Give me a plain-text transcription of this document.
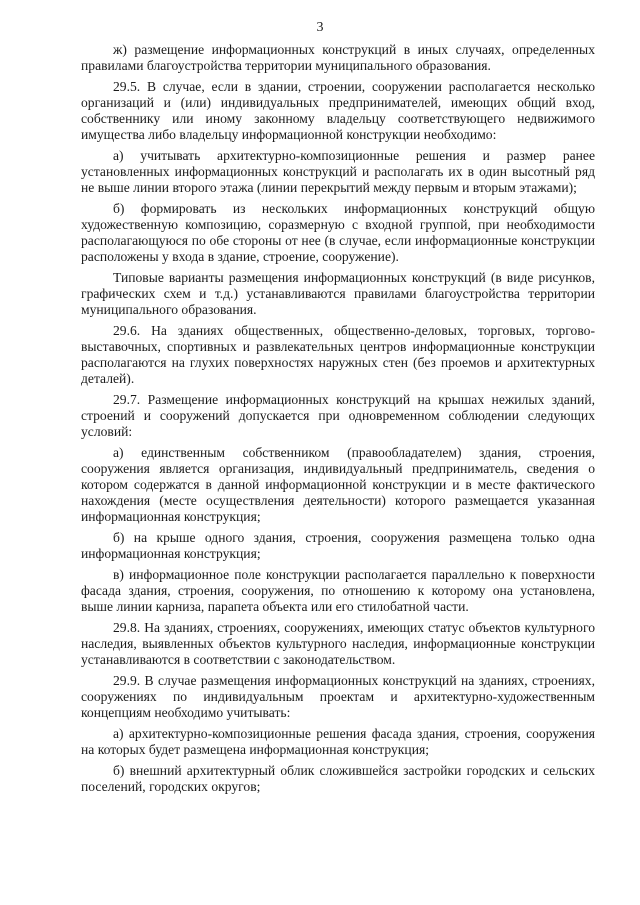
3

ж) размещение информационных конструкций в иных случаях, определенных правилами благоустройства территории муниципального образования.

29.5. В случае, если в здании, строении, сооружении располагается несколько организаций и (или) индивидуальных предпринимателей, имеющих общий вход, собственнику или иному законному владельцу соответствующего недвижимого имущества либо владельцу информационной конструкции необходимо:

а) учитывать архитектурно-композиционные решения и размер ранее установленных информационных конструкций и располагать их в один высотный ряд не выше линии второго этажа (линии перекрытий между первым и вторым этажами);

б) формировать из нескольких информационных конструкций общую художественную композицию, соразмерную с входной группой, при необходимости располагающуюся по обе стороны от нее (в случае, если информационные конструкции расположены у входа в здание, строение, сооружение).

Типовые варианты размещения информационных конструкций (в виде рисунков, графических схем и т.д.) устанавливаются правилами благоустройства территории муниципального образования.

29.6. На зданиях общественных, общественно-деловых, торговых, торгово-выставочных, спортивных и развлекательных центров информационные конструкции располагаются на глухих поверхностях наружных стен (без проемов и архитектурных деталей).

29.7. Размещение информационных конструкций на крышах нежилых зданий, строений и сооружений допускается при одновременном соблюдении следующих условий:

а) единственным собственником (правообладателем) здания, строения, сооружения является организация, индивидуальный предприниматель, сведения о котором содержатся в данной информационной конструкции и в месте фактического нахождения (месте осуществления деятельности) которого размещается указанная информационная конструкция;

б) на крыше одного здания, строения, сооружения размещена только одна информационная конструкция;

в) информационное поле конструкции располагается параллельно к поверхности фасада здания, строения, сооружения, по отношению к которому она установлена, выше линии карниза, парапета объекта или его стилобатной части.

29.8. На зданиях, строениях, сооружениях, имеющих статус объектов культурного наследия, выявленных объектов культурного наследия, информационные конструкции устанавливаются в соответствии с законодательством.

29.9. В случае размещения информационных конструкций на зданиях, строениях, сооружениях по индивидуальным проектам и архитектурно-художественным концепциям необходимо учитывать:

а) архитектурно-композиционные решения фасада здания, строения, сооружения на которых будет размещена информационная конструкция;

б) внешний архитектурный облик сложившейся застройки городских и сельских поселений, городских округов;
